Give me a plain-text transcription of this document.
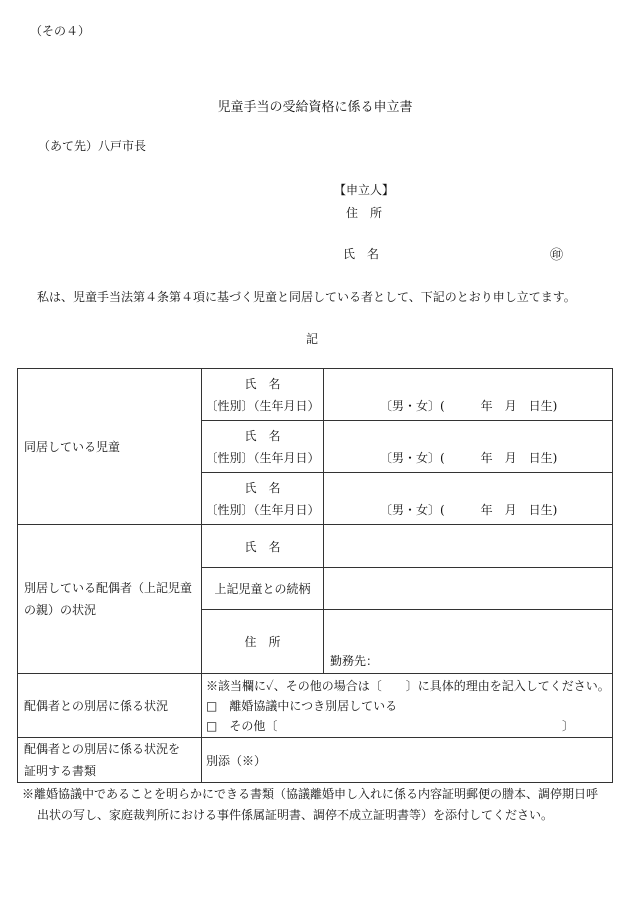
（その４）
児童手当の受給資格に係る申立書
（あて先）八戸市長
【申立人】
住　所
氏　名	㊞
私は、児童手当法第４条第４項に基づく児童と同居している者として、下記のとおり申し立てます。
記
同居している児童	氏　名
〔性別〕（生年月日）	〔男・女〕(　　　年　月　日生)

	氏　名
〔性別〕（生年月日）	〔男・女〕(　　　年　月　日生)

	氏　名
〔性別〕（生年月日）	〔男・女〕(　　　年　月　日生)

別居している配偶者（上記児童
の親）の状況	氏　名	
	上記児童との続柄	
	住　所	勤務先：
配偶者との別居に係る状況	※該当欄に✓、その他の場合は〔　　〕に具体的理由を記入してください。
□　離婚協議中につき別居している
□　その他〔 〕	

配偶者との別居に係る状況を
証明する書類	別添（※）	
※離婚協議中であることを明らかにできる書類（協議離婚申し入れに係る内容証明郵便の謄本、調停期日呼
出状の写し、家庭裁判所における事件係属証明書、調停不成立証明書等）を添付してください。
